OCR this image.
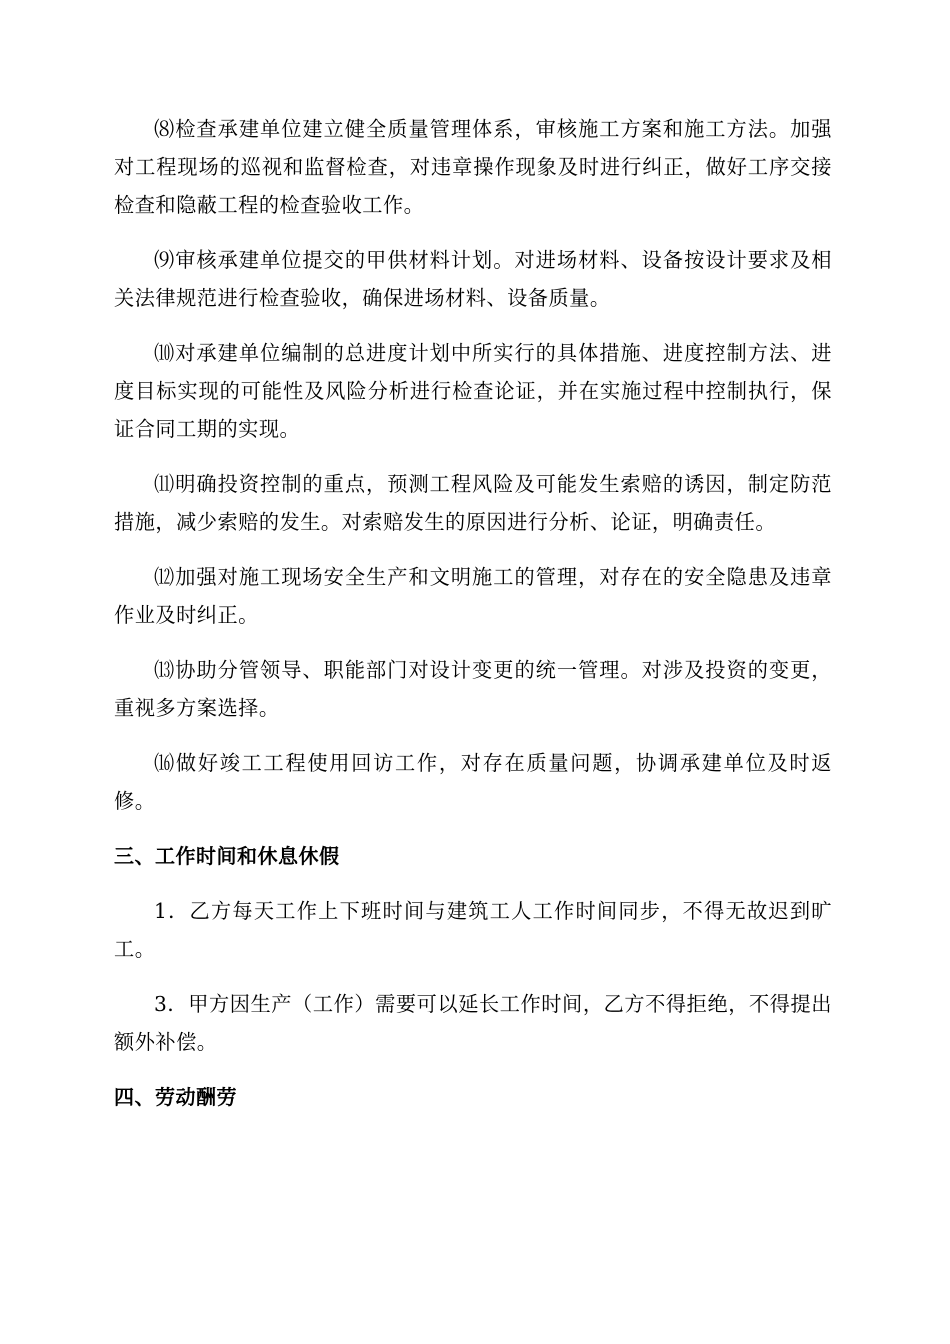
⑻检查承建单位建立健全质量管理体系，审核施工方案和施工方法。加强对工程现场的巡视和监督检查，对违章操作现象及时进行纠正，做好工序交接检查和隐蔽工程的检查验收工作。

⑼审核承建单位提交的甲供材料计划。对进场材料、设备按设计要求及相关法律规范进行检查验收，确保进场材料、设备质量。

⑽对承建单位编制的总进度计划中所实行的具体措施、进度控制方法、进度目标实现的可能性及风险分析进行检查论证，并在实施过程中控制执行，保证合同工期的实现。

⑾明确投资控制的重点，预测工程风险及可能发生索赔的诱因，制定防范措施，减少索赔的发生。对索赔发生的原因进行分析、论证，明确责任。

⑿加强对施工现场安全生产和文明施工的管理，对存在的安全隐患及违章作业及时纠正。

⒀协助分管领导、职能部门对设计变更的统一管理。对涉及投资的变更，重视多方案选择。

⒃做好竣工工程使用回访工作，对存在质量问题，协调承建单位及时返修。

三、工作时间和休息休假

1．乙方每天工作上下班时间与建筑工人工作时间同步，不得无故迟到旷工。

3．甲方因生产（工作）需要可以延长工作时间，乙方不得拒绝，不得提出额外补偿。

四、劳动酬劳
